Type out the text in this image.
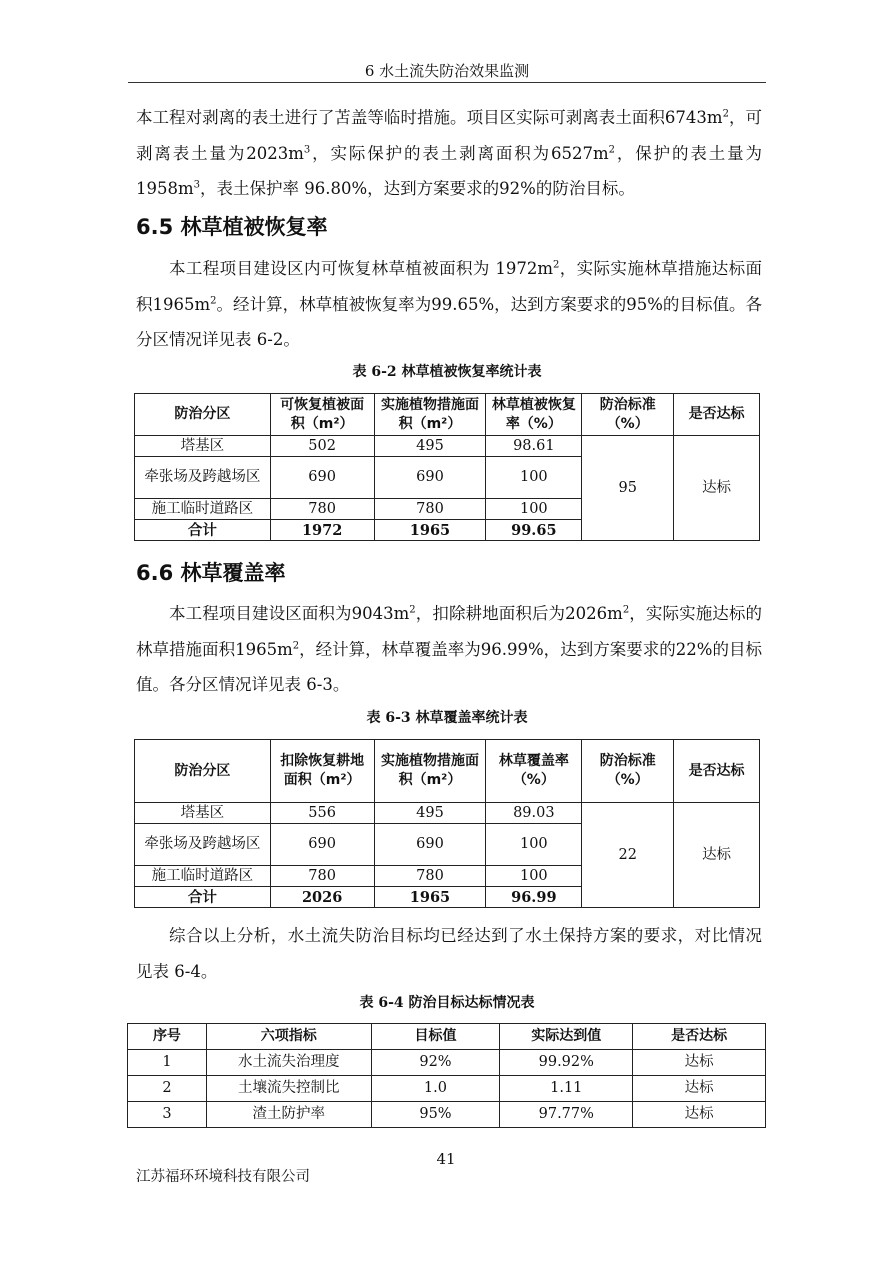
6 水土流失防治效果监测

本工程对剥离的表土进行了苫盖等临时措施。项目区实际可剥离表土面积$6743m^2$，可剥离表土量为$2023m^3$，实际保护的表土剥离面积为$6527m^2$，保护的表土量为$1958m^3$，表土保护率 96.80%，达到方案要求的92%的防治目标。

6.5 林草植被恢复率

本工程项目建设区内可恢复林草植被面积为 $1972m^2$，实际实施林草措施达标面积$1965m^2$。经计算，林草植被恢复率为99.65%，达到方案要求的95%的目标值。各分区情况详见表 6-2。

表 6-2 林草植被恢复率统计表
防治分区	可恢复植被面积（m²）	实施植物措施面积（m²）	林草植被恢复率（%）	防治标准（%）	是否达标
塔基区	502	495	98.61	95	达标
牵张场及跨越场区	690	690	100		
施工临时道路区	780	780	100		
合计	1972	1965	99.65		
6.6 林草覆盖率

本工程项目建设区面积为$9043m^2$，扣除耕地面积后为$2026m^2$，实际实施达标的林草措施面积$1965m^2$，经计算，林草覆盖率为96.99%，达到方案要求的22%的目标值。各分区情况详见表 6-3。

表 6-3 林草覆盖率统计表
防治分区	扣除恢复耕地面积（m²）	实施植物措施面积（m²）	林草覆盖率（%）	防治标准（%）	是否达标
塔基区	556	495	89.03	22	达标
牵张场及跨越场区	690	690	100		
施工临时道路区	780	780	100		
合计	2026	1965	96.99		

综合以上分析，水土流失防治目标均已经达到了水土保持方案的要求，对比情况见表 6-4。

表 6-4 防治目标达标情况表
序号	六项指标	目标值	实际达到值	是否达标
1	水土流失治理度	92%	99.92%	达标
2	土壤流失控制比	1.0	1.11	达标
3	渣土防护率	95%	97.77%	达标
41
江苏福环环境科技有限公司
